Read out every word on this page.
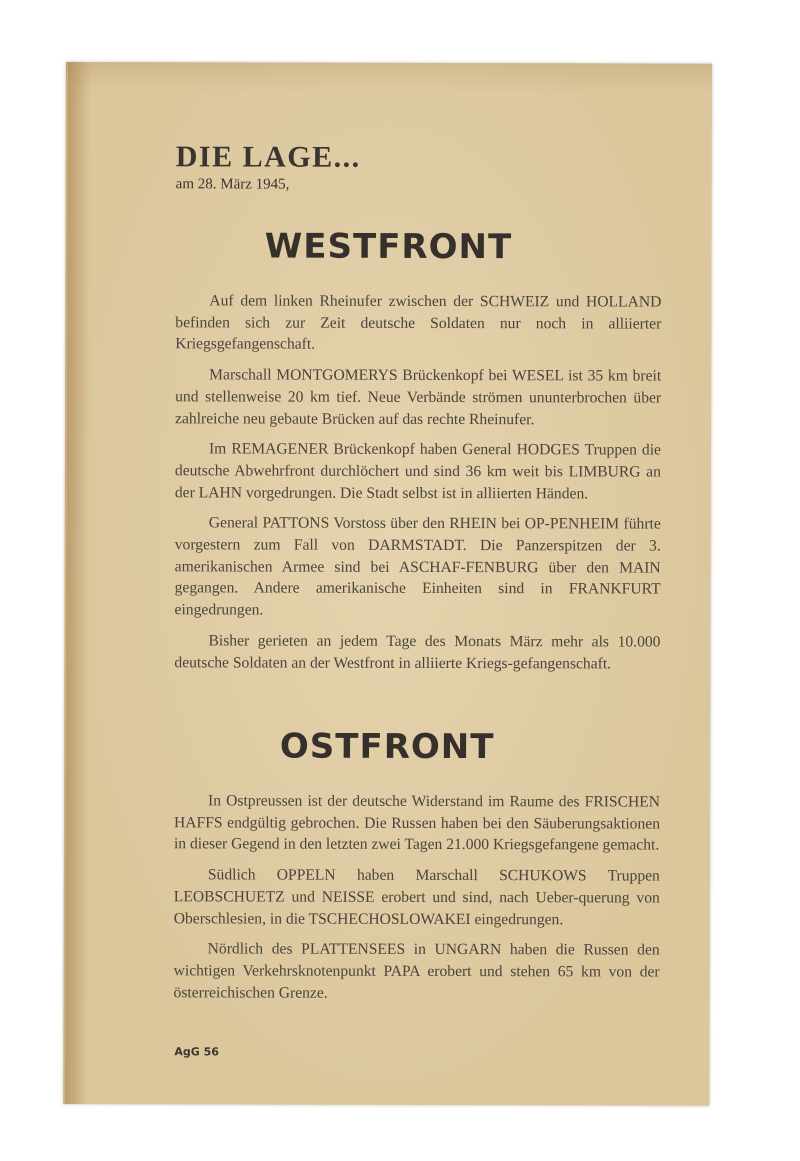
DIE LAGE...
am 28. März 1945,
WESTFRONT

Auf dem linken Rheinufer zwischen der SCHWEIZ und HOLLAND befinden sich zur Zeit deutsche Soldaten nur noch in alliierter Kriegsgefangenschaft.

Marschall MONTGOMERYS Brückenkopf bei WESEL ist 35 km breit und stellenweise 20 km tief. Neue Verbände strömen ununterbrochen über zahlreiche neu gebaute Brücken auf das rechte Rheinufer.

Im REMAGENER Brückenkopf haben General HODGES Truppen die deutsche Abwehrfront durchlöchert und sind 36 km weit bis LIMBURG an der LAHN vorgedrungen. Die Stadt selbst ist in alliierten Händen.

General PATTONS Vorstoss über den RHEIN bei OP-PENHEIM führte vorgestern zum Fall von DARMSTADT. Die Panzerspitzen der 3. amerikanischen Armee sind bei ASCHAF-FENBURG über den MAIN gegangen. Andere amerikanische Einheiten sind in FRANKFURT eingedrungen.

Bisher gerieten an jedem Tage des Monats März mehr als 10.000 deutsche Soldaten an der Westfront in alliierte Kriegs-gefangenschaft.

OSTFRONT

In Ostpreussen ist der deutsche Widerstand im Raume des FRISCHEN HAFFS endgültig gebrochen. Die Russen haben bei den Säuberungsaktionen in dieser Gegend in den letzten zwei Tagen 21.000 Kriegsgefangene gemacht.

Südlich OPPELN haben Marschall SCHUKOWS Truppen LEOBSCHUETZ und NEISSE erobert und sind, nach Ueber-querung von Oberschlesien, in die TSCHECHOSLOWAKEI eingedrungen.

Nördlich des PLATTENSEES in UNGARN haben die Russen den wichtigen Verkehrsknotenpunkt PAPA erobert und stehen 65 km von der österreichischen Grenze.

AgG 56
